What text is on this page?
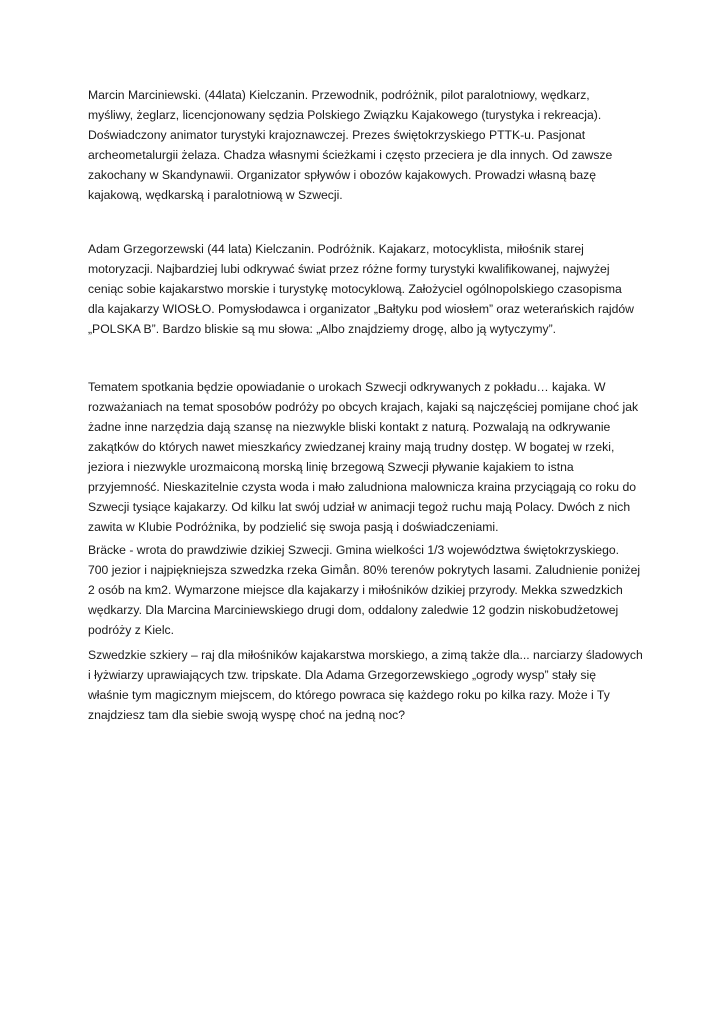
Marcin Marciniewski. (44lata) Kielczanin. Przewodnik, podróżnik, pilot paralotniowy, wędkarz,
myśliwy, żeglarz, licencjonowany sędzia Polskiego Związku Kajakowego (turystyka i rekreacja).
Doświadczony animator turystyki krajoznawczej. Prezes świętokrzyskiego PTTK-u. Pasjonat
archeometalurgii żelaza. Chadza własnymi ścieżkami i często przeciera je dla innych. Od zawsze
zakochany w Skandynawii. Organizator spływów i obozów kajakowych. Prowadzi własną bazę
kajakową, wędkarską i paralotniową w Szwecji.

Adam Grzegorzewski (44 lata) Kielczanin. Podróżnik. Kajakarz, motocyklista, miłośnik starej
motoryzacji. Najbardziej lubi odkrywać świat przez różne formy turystyki kwalifikowanej, najwyżej
ceniąc sobie kajakarstwo morskie i turystykę motocyklową. Założyciel ogólnopolskiego czasopisma
dla kajakarzy WIOSŁO. Pomysłodawca i organizator „Bałtyku pod wiosłem” oraz weterańskich rajdów
„POLSKA B”. Bardzo bliskie są mu słowa: „Albo znajdziemy drogę, albo ją wytyczymy”.

Tematem spotkania będzie opowiadanie o urokach Szwecji odkrywanych z pokładu… kajaka. W
rozważaniach na temat sposobów podróży po obcych krajach, kajaki są najczęściej pomijane choć jak
żadne inne narzędzia dają szansę na niezwykle bliski kontakt z naturą. Pozwalają na odkrywanie
zakątków do których nawet mieszkańcy zwiedzanej krainy mają trudny dostęp. W bogatej w rzeki,
jeziora i niezwykle urozmaiconą morską linię brzegową Szwecji pływanie kajakiem to istna
przyjemność. Nieskazitelnie czysta woda i mało zaludniona malownicza kraina przyciągają co roku do
Szwecji tysiące kajakarzy. Od kilku lat swój udział w animacji tegoż ruchu mają Polacy. Dwóch z nich
zawita w Klubie Podróżnika, by podzielić się swoja pasją i doświadczeniami.

Bräcke - wrota do prawdziwie dzikiej Szwecji. Gmina wielkości 1/3 województwa świętokrzyskiego.
700 jezior i najpiękniejsza szwedzka rzeka Gimån. 80% terenów pokrytych lasami. Zaludnienie poniżej
2 osób na km2. Wymarzone miejsce dla kajakarzy i miłośników dzikiej przyrody. Mekka szwedzkich
wędkarzy. Dla Marcina Marciniewskiego drugi dom, oddalony zaledwie 12 godzin niskobudżetowej
podróży z Kielc.

Szwedzkie szkiery – raj dla miłośników kajakarstwa morskiego, a zimą także dla... narciarzy śladowych
i łyżwiarzy uprawiających tzw. tripskate. Dla Adama Grzegorzewskiego „ogrody wysp” stały się
właśnie tym magicznym miejscem, do którego powraca się każdego roku po kilka razy. Może i Ty
znajdziesz tam dla siebie swoją wyspę choć na jedną noc?
